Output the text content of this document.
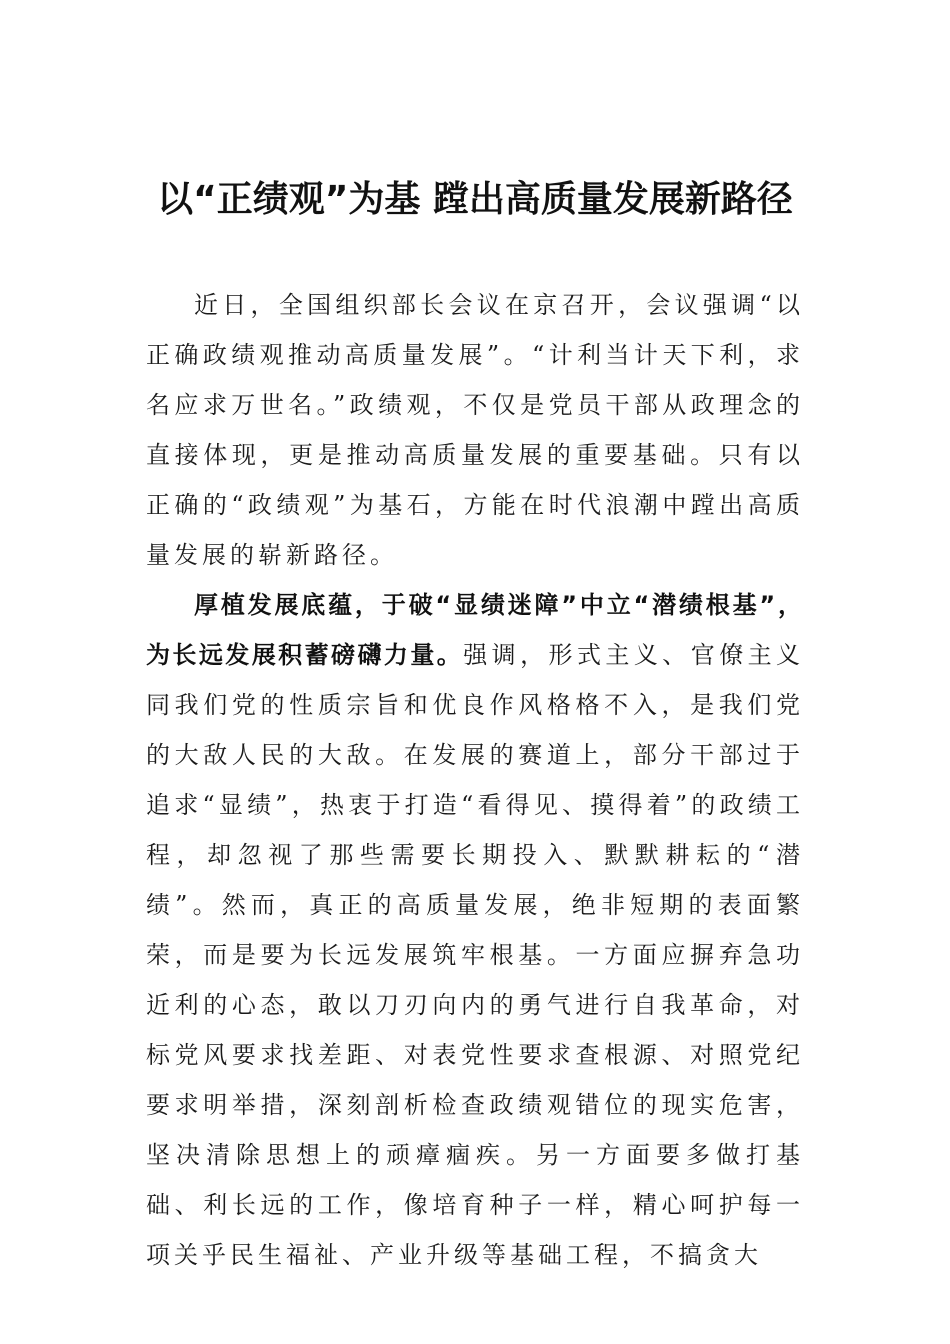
以“正绩观”为基 蹚出高质量发展新路径

近日，全国组织部长会议在京召开，会议强调“以正确政绩观推动高质量发展”。“计利当计天下利，求名应求万世名。”政绩观，不仅是党员干部从政理念的直接体现，更是推动高质量发展的重要基础。只有以正确的“政绩观”为基石，方能在时代浪潮中蹚出高质量发展的崭新路径。

厚植发展底蕴，于破“显绩迷障”中立“潜绩根基”，为长远发展积蓄磅礴力量。强调，形式主义、官僚主义同我们党的性质宗旨和优良作风格格不入，是我们党的大敌人民的大敌。在发展的赛道上，部分干部过于追求“显绩”，热衷于打造“看得见、摸得着”的政绩工程，却忽视了那些需要长期投入、默默耕耘的“潜绩”。然而，真正的高质量发展，绝非短期的表面繁荣，而是要为长远发展筑牢根基。一方面应摒弃急功近利的心态，敢以刀刃向内的勇气进行自我革命，对标党风要求找差距、对表党性要求查根源、对照党纪要求明举措，深刻剖析检查政绩观错位的现实危害，坚决清除思想上的顽瘴痼疾。另一方面要多做打基础、利长远的工作，像培育种子一样，精心呵护每一项关乎民生福祉、产业升级等基础工程，不搞贪大
